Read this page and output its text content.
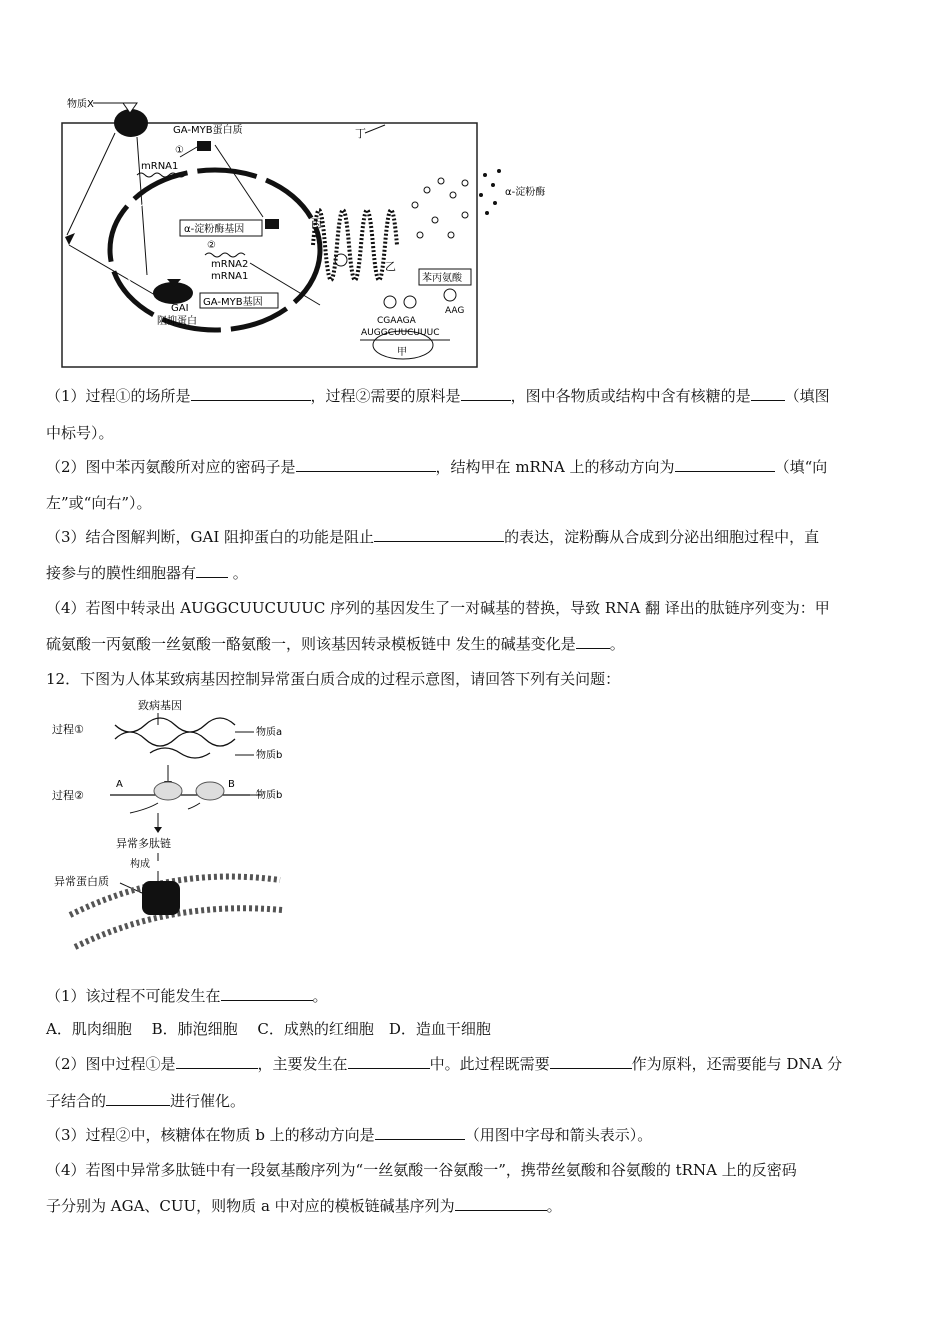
物质X
GA-MYB蛋白质	丁
①
mRNA1
α-淀粉酶基因
②
mRNA2
mRNA1
GAI
阻抑蛋白
GA-MYB基因
丙
乙
α-淀粉酶
苯丙氨酸
AAG
CGAAGA
AUGGCUUCUUUC
甲
（1）过程①的场所是	，过程②需要的原料是	，图中各物质或结构中含有核糖的是 （填图
中标号）。
（2）图中苯丙氨酸所对应的密码子是	，结构甲在 mRNA 上的移动方向为	（填“向
左”或“向右”）。
（3）结合图解判断，GAI 阻抑蛋白的功能是阻止	的表达，淀粉酶从合成到分泌出细胞过程中，直
接参与的膜性细胞器有 。
（4）若图中转录出 AUGGCUUCUUUC 序列的基因发生了一对碱基的替换，导致 RNA 翻 译出的肽链序列变为：甲
硫氨酸一丙氨酸一丝氨酸一酪氨酸一，则该基因转录模板链中 发生的碱基变化是 。
12．下图为人体某致病基因控制异常蛋白质合成的过程示意图，请回答下列有关问题：
致病基因
过程①	物质a
物质b
过程②
A	B
物质b
异常多肽链
构成
异常蛋白质
（1）该过程不可能发生在	。
A．肌肉细胞　 B．肺泡细胞　 C．成熟的红细胞　D．造血干细胞
（2）图中过程①是	，主要发生在	中。此过程既需要	作为原料，还需要能与 DNA 分
子结合的	进行催化。
（3）过程②中，核糖体在物质 b 上的移动方向是	（用图中字母和箭头表示）。
（4）若图中异常多肽链中有一段氨基酸序列为“一丝氨酸一谷氨酸一”，携带丝氨酸和谷氨酸的 tRNA 上的反密码
子分别为 AGA、CUU，则物质 a 中对应的模板链碱基序列为	。
